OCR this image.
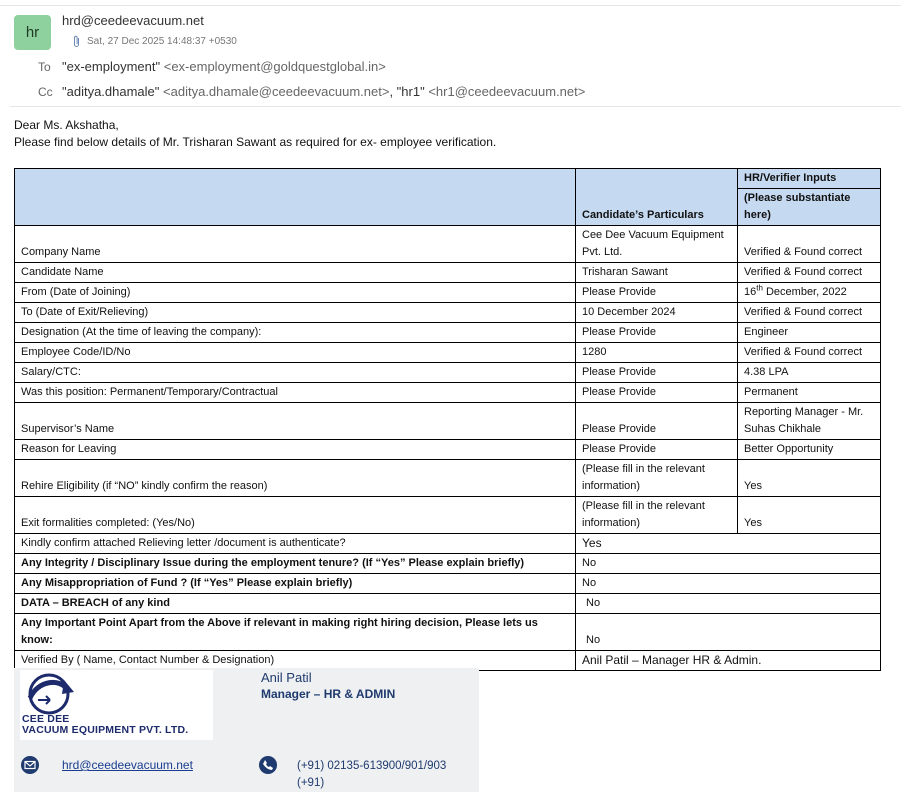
hr
hrd@ceedeevacuum.net
Sat, 27 Dec 2025 14:48:37 +0530
To "ex-employment" <ex-employment@goldquestglobal.in>
Cc "aditya.dhamale" <aditya.dhamale@ceedeevacuum.net>, "hr1" <hr1@ceedeevacuum.net>
Dear Ms. Akshatha,
Please find below details of Mr. Trisharan Sawant as required for ex- employee verification.
	Candidate’s Particulars	HR/Verifier Inputs
(Please substantiate here)

Company Name	Cee Dee Vacuum Equipment Pvt. Ltd.	Verified & Found correct
Candidate Name	Trisharan Sawant	Verified & Found correct
From (Date of Joining)	Please Provide	16th December, 2022
To (Date of Exit/Relieving)	10 December 2024	Verified & Found correct
Designation (At the time of leaving the company):	Please Provide	Engineer
Employee Code/ID/No	1280	Verified & Found correct
Salary/CTC:	Please Provide	4.38 LPA
Was this position: Permanent/Temporary/Contractual	Please Provide	Permanent
Supervisor’s Name	Please Provide	Reporting Manager - Mr. Suhas Chikhale
Reason for Leaving	Please Provide	Better Opportunity
Rehire Eligibility (if “NO” kindly confirm the reason)	(Please fill in the relevant information)	Yes
Exit formalities completed: (Yes/No)	(Please fill in the relevant information)	Yes
Kindly confirm attached Relieving letter /document is authenticate?	Yes	
Any Integrity / Disciplinary Issue during the employment tenure? (If “Yes” Please explain briefly)	No	
Any Misappropriation of Fund ? (If “Yes” Please explain briefly)	No	
DATA – BREACH of any kind	No	
Any Important Point Apart from the Above if relevant in making right hiring decision, Please lets us know:	No	
Verified By ( Name, Contact Number & Designation)	Anil Patil – Manager HR & Admin.	
CEE DEE
VACUUM EQUIPMENT PVT. LTD.
Anil Patil
Manager – HR & ADMIN
hrd@ceedeevacuum.net	(+91) 02135-613900/901/903
(+91)
